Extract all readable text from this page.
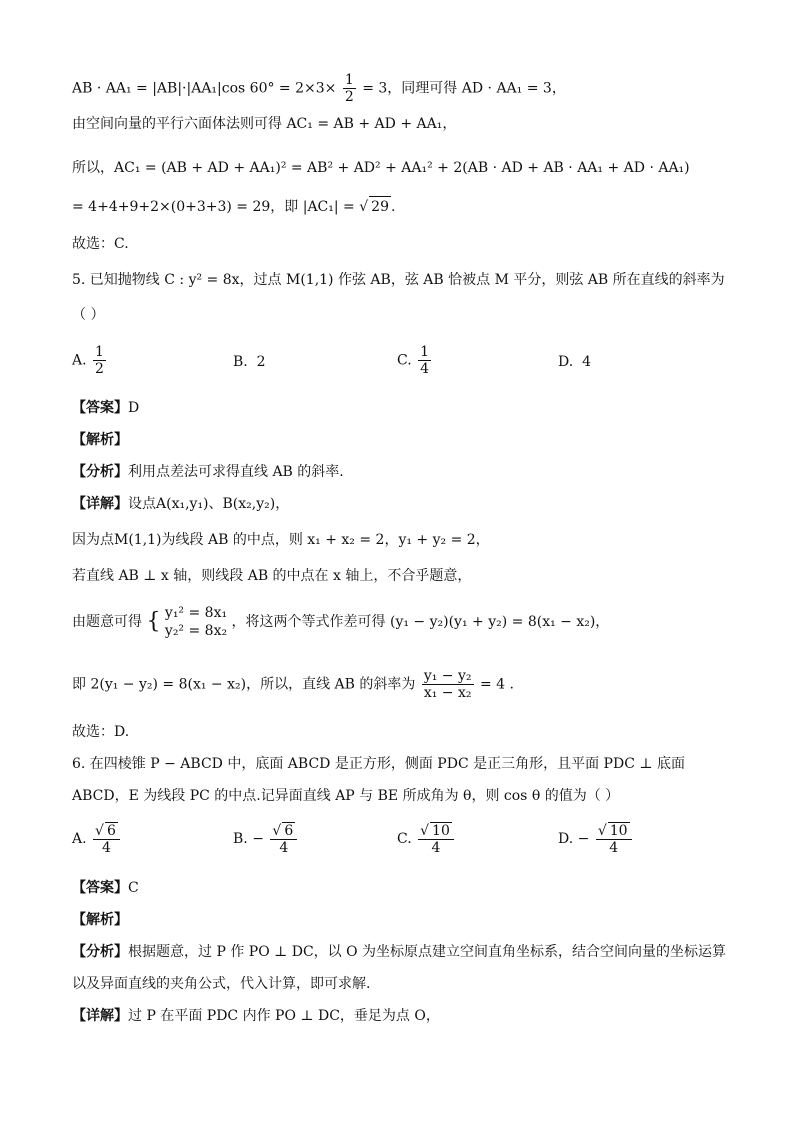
AB · AA₁ = |AB|·|AA₁|cos $60^\circ = 2\times 3\times \frac{1}{2} = 3$，同理可得 AD · AA₁ = 3，
由空间向量的平行六面体法则可得 AC₁ = AB + AD + AA₁，
所以，AC₁ = (AB + AD + AA₁)² = AB² + AD² + AA₁² + 2(AB · AD + AB · AA₁ + AD · AA₁)
= 4+4+9+2×(0+3+3) = 29，即 |AC₁| = √ 29 .
故选：C.
5. 已知抛物线 C : y² = 8x，过点 M(1,1) 作弦 AB，弦 AB 恰被点 M 平分，则弦 AB 所在直线的斜率为
（ ）
A. $\frac{1}{2}$	B. 2	C. $\frac{1}{4}$	D. 4
【答案】D
【解析】
【分析】利用点差法可求得直线 AB 的斜率.
【详解】设点A(x₁,y₁)、B(x₂,y₂)，
因为点M(1,1)为线段 AB 的中点，则 x₁ + x₂ = 2，y₁ + y₂ = 2，
若直线 AB ⊥ x 轴，则线段 AB 的中点在 x 轴上，不合乎题意，
由题意可得 { y₁² = 8x₁
y₂² = 8x₂
，将这两个等式作差可得 (y₁ − y₂)(y₁ + y₂) = 8(x₁ − x₂)，
即 2(y₁ − y₂) = 8(x₁ − x₂)，所以，直线 AB 的斜率为 $\frac{\text{y₁ − y₂}}{\text{x₁ − x₂}} = 4$ .
故选：D.
6. 在四棱锥 P − ABCD 中，底面 ABCD 是正方形，侧面 PDC 是正三角形，且平面 PDC ⊥ 底面
ABCD，E 为线段 PC 的中点.记异面直线 AP 与 BE 所成角为 θ，则 cos θ 的值为（ ）
A. $\frac{√ 6}{4}$	B. − $\frac{√ 6}{4}$	C. $\frac{√ 10}{4}$	D. − $\frac{√ 10}{4}$
【答案】C
【解析】
【分析】根据题意，过 P 作 PO ⊥ DC，以 O 为坐标原点建立空间直角坐标系，结合空间向量的坐标运算
以及异面直线的夹角公式，代入计算，即可求解.
【详解】过 P 在平面 PDC 内作 PO ⊥ DC，垂足为点 O，
